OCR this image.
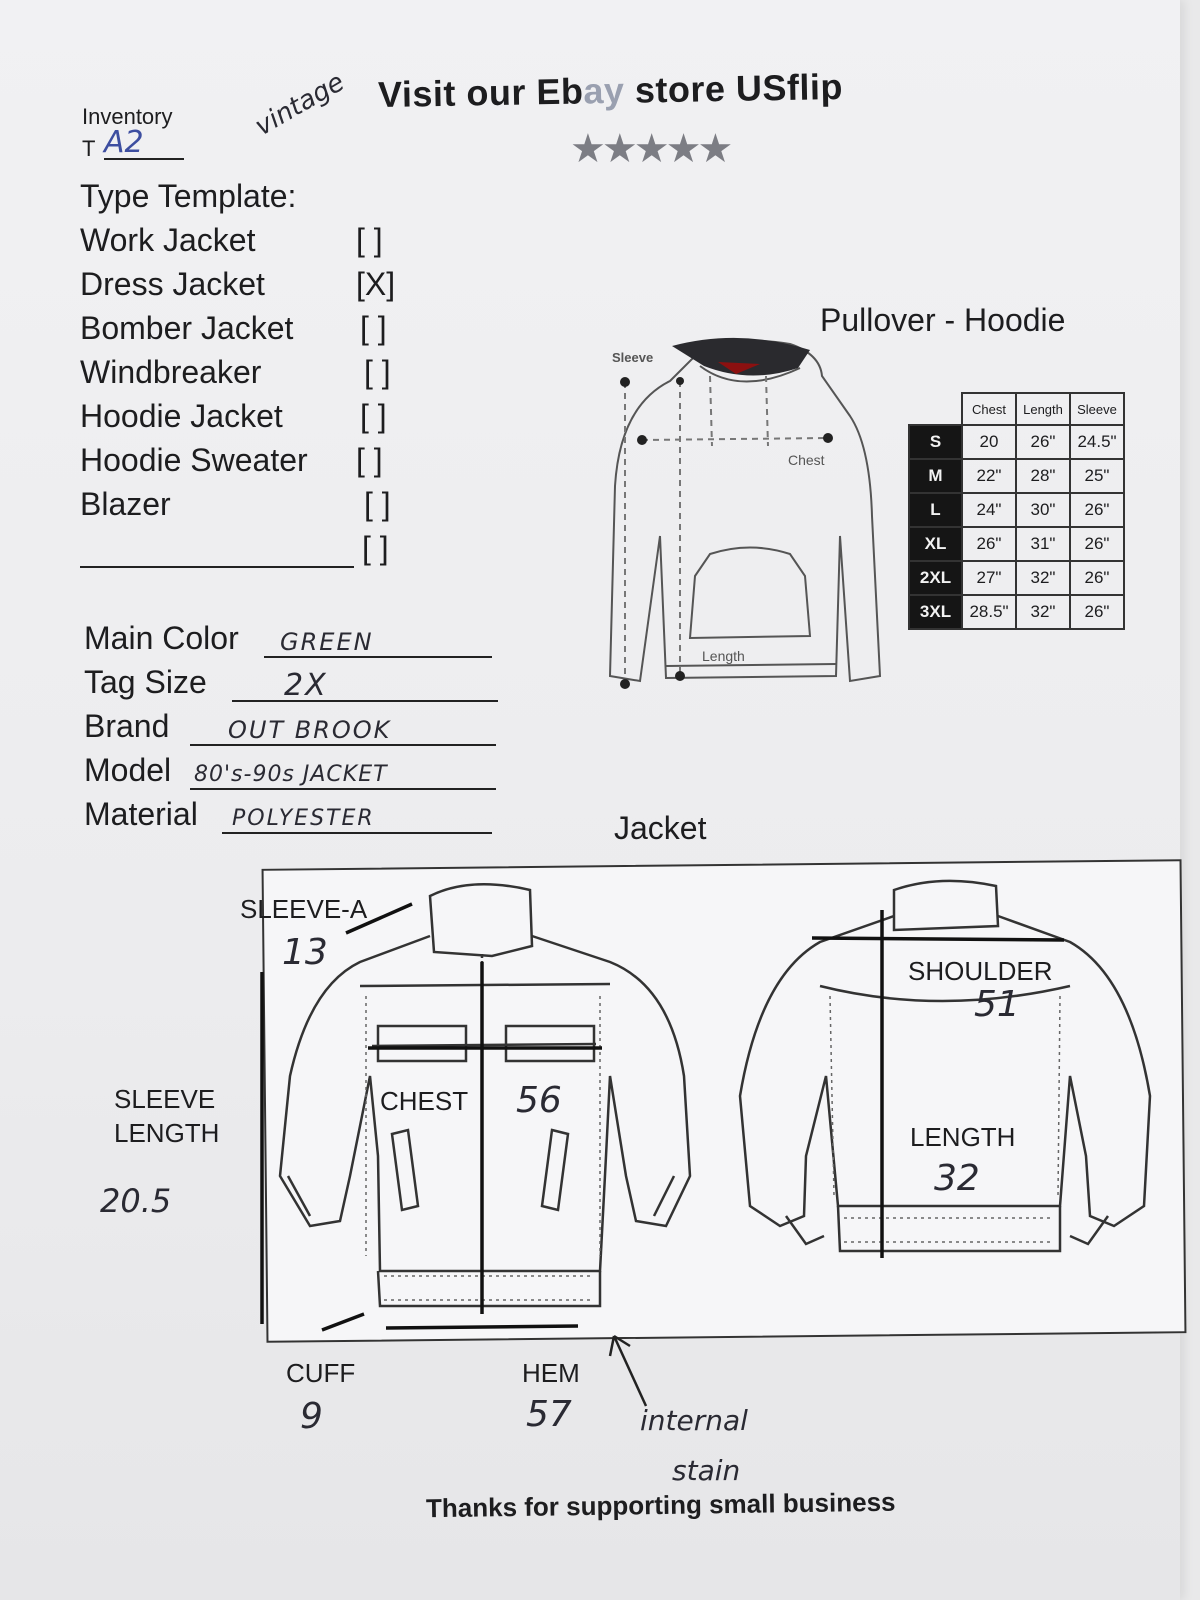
Visit our Ebay store USflip
★★★★★
Inventory
T A2
vintage
Type Template:
Work Jacket	[ ]
Dress Jacket	[X]
Bomber Jacket [ ]
Windbreaker	[ ]
Hoodie Jacket [ ]
Hoodie Sweater [ ]
Blazer	[ ]
[ ]
Main Color GREEN
Tag Size	2X
Brand OUT BROOK
Model 80's-90s JACKET
Material POLYESTER
Pullover - Hoodie
Sleeve
Chest
Length
	Chest	Length	Sleeve
S	20	26"	24.5"
M	22"	28"	25"
L	24"	30"	26"
XL	26"	31"	26"
2XL	27"	32"	26"
3XL	28.5"	32"	26"
Jacket
SLEEVE-A
13
SLEEVE
LENGTH
20.5
CHEST 56
SHOULDER
51
LENGTH
32
CUFF
9
HEM
57 internal
stain
Thanks for supporting small business
